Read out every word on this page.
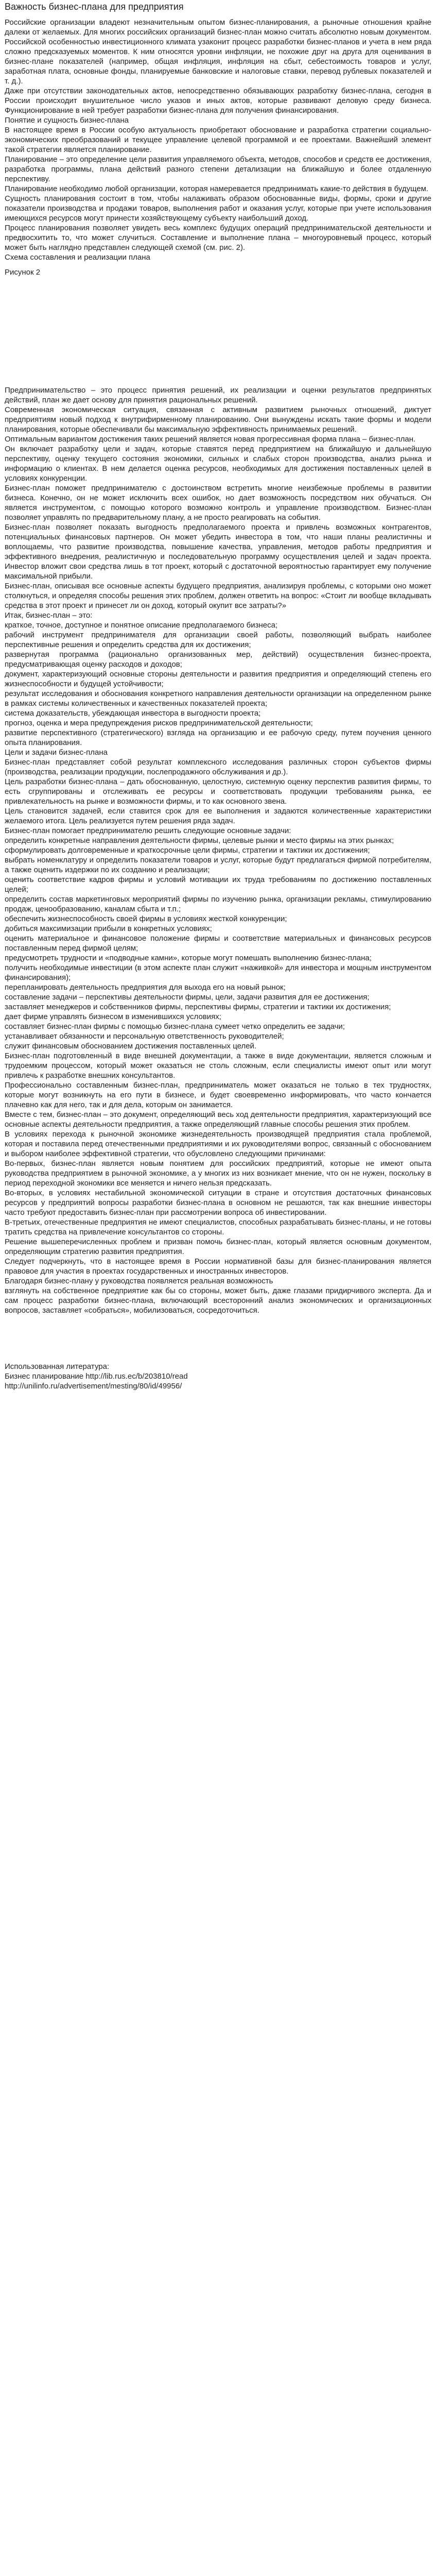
Важность бизнес-плана для предприятия

Российские организации владеют незначительным опытом бизнес-планирования, а рыночные отношения крайне далеки от желаемых. Для многих российских организаций бизнес-план можно считать абсолютно новым документом. Российской особенностью инвестиционного климата узаконит процесс разработки бизнес-планов и учета в нем ряда сложно предсказуемых моментов. К ним относятся уровни инфляции, не похожие друг на друга для оценивания в бизнес-плане показателей (например, общая инфляция, инфляция на сбыт, себестоимость товаров и услуг, заработная плата, основные фонды, планируемые банковские и налоговые ставки, перевод рублевых показателей и т. д.).

Даже при отсутствии законодательных актов, непосредственно обязывающих разработку бизнес-плана, сегодня в России происходит внушительное число указов и иных актов, которые развивают деловую среду бизнеса. Функционирование в ней требует разработки бизнес-плана для получения финансирования.

Понятие и сущность бизнес-плана

В настоящее время в России особую актуальность приобретают обоснование и разработка стратегии социально-экономических преобразований и текущее управление целевой программой и ее проектами. Важнейший элемент такой стратегии является планирование.

Планирование – это определение цели развития управляемого объекта, методов, способов и средств ее достижения, разработка программы, плана действий разного степени детализации на ближайшую и более отдаленную перспективу.

Планирование необходимо любой организации, которая намеревается предпринимать какие-то действия в будущем.

Сущность планирования состоит в том, чтобы налаживать образом обоснованные виды, формы, сроки и другие показатели производства и продажи товаров, выполнения работ и оказания услуг, которые при учете использования имеющихся ресурсов могут принести хозяйствующему субъекту наибольший доход.

Процесс планирования позволяет увидеть весь комплекс будущих операций предпринимательской деятельности и предвосхитить то, что может случиться. Составление и выполнение плана – многоуровневый процесс, который может быть наглядно представлен следующей схемой (см. рис. 2).

Схема составления и реализации плана

Рисунок 2

Предпринимательство – это процесс принятия решений, их реализации и оценки результатов предпринятых действий, план же дает основу для принятия рациональных решений.

Современная экономическая ситуация, связанная с активным развитием рыночных отношений, диктует предприятиям новый подход к внутрифирменному планированию. Они вынуждены искать такие формы и модели планирования, которые обеспечивали бы максимальную эффективность принимаемых решений.

Оптимальным вариантом достижения таких решений является новая прогрессивная форма плана – бизнес-план.

Он включает разработку цели и задач, которые ставятся перед предприятием на ближайшую и дальнейшую перспективу, оценку текущего состояния экономики, сильных и слабых сторон производства, анализ рынка и информацию о клиентах. В нем делается оценка ресурсов, необходимых для достижения поставленных целей в условиях конкуренции.

Бизнес-план поможет предпринимателю с достоинством встретить многие неизбежные проблемы в развитии бизнеса. Конечно, он не может исключить всех ошибок, но дает возможность посредством них обучаться. Он является инструментом, с помощью которого возможно контроль и управление производством. Бизнес-план позволяет управлять по предварительному плану, а не просто реагировать на события.

Бизнес-план позволяет показать выгодность предполагаемого проекта и привлечь возможных контрагентов, потенциальных финансовых партнеров. Он может убедить инвестора в том, что наши планы реалистичны и воплощаемы, что развитие производства, повышение качества, управления, методов работы предприятия и эффективного внедрения, реалистичную и последовательную программу осуществления целей и задач проекта. Инвестор вложит свои средства лишь в тот проект, который с достаточной вероятностью гарантирует ему получение максимальной прибыли.

Бизнес-план, описывая все основные аспекты будущего предприятия, анализируя проблемы, с которыми оно может столкнуться, и определяя способы решения этих проблем, должен ответить на вопрос: «Стоит ли вообще вкладывать средства в этот проект и принесет ли он доход, который окупит все затраты?»

Итак, бизнес-план – это:

краткое, точное, доступное и понятное описание предполагаемого бизнеса;

рабочий инструмент предпринимателя для организации своей работы, позволяющий выбрать наиболее перспективные решения и определить средства для их достижения;

развернутая программа (рационально организованных мер, действий) осуществления бизнес-проекта, предусматривающая оценку расходов и доходов;

документ, характеризующий основные стороны деятельности и развития предприятия и определяющий степень его жизнеспособности и будущей устойчивости;

результат исследования и обоснования конкретного направления деятельности организации на определенном рынке в рамках системы количественных и качественных показателей проекта;

система доказательств, убеждающая инвестора в выгодности проекта;

прогноз, оценка и мера предупреждения рисков предпринимательской деятельности;

развитие перспективного (стратегического) взгляда на организацию и ее рабочую среду, путем поучения ценного опыта планирования.

Цели и задачи бизнес-плана

Бизнес-план представляет собой результат комплексного исследования различных сторон субъектов фирмы (производства, реализации продукции, послепродажного обслуживания и др.).

Цель разработки бизнес-плана – дать обоснованную, целостную, системную оценку перспектив развития фирмы, то есть сгруппированы и отслеживать ее ресурсы и соответствовать продукции требованиям рынка, ее привлекательность на рынке и возможности фирмы, и то как основного звена.

Цель становится задачей, если ставится срок для ее выполнения и задаются количественные характеристики желаемого итога. Цель реализуется путем решения ряда задач.

Бизнес-план помогает предпринимателю решить следующие основные задачи:

определить конкретные направления деятельности фирмы, целевые рынки и место фирмы на этих рынках;

сформулировать долговременные и краткосрочные цели фирмы, стратегии и тактики их достижения;

выбрать номенклатуру и определить показатели товаров и услуг, которые будут предлагаться фирмой потребителям, а также оценить издержки по их созданию и реализации;

оценить соответствие кадров фирмы и условий мотивации их труда требованиям по достижению поставленных целей;

определить состав маркетинговых мероприятий фирмы по изучению рынка, организации рекламы, стимулированию продаж, ценообразованию, каналам сбыта и т.п.;

обеспечить жизнеспособность своей фирмы в условиях жесткой конкуренции;

добиться максимизации прибыли в конкретных условиях;

оценить материальное и финансовое положение фирмы и соответствие материальных и финансовых ресурсов поставленным перед фирмой целям;

предусмотреть трудности и «подводные камни», которые могут помешать выполнению бизнес-плана;

получить необходимые инвестиции (в этом аспекте план служит «наживкой» для инвестора и мощным инструментом финансирования);

перепланировать деятельность предприятия для выхода его на новый рынок;

составление задачи – перспективы деятельности фирмы, цели, задачи развития для ее достижения;

заставляет менеджеров и собственников фирмы, перспективы фирмы, стратегии и тактики их достижения;

дает фирме управлять бизнесом в изменившихся условиях;

составляет бизнес-план фирмы с помощью бизнес-плана сумеет четко определить ее задачи;

устанавливает обязанности и персональную ответственность руководителей;

служит финансовым обоснованием достижения поставленных целей.

Бизнес-план подготовленный в виде внешней документации, а также в виде документации, является сложным и трудоемким процессом, который может оказаться не столь сложным, если специалисты имеют опыт или могут привлечь к разработке внешних консультантов.

Профессионально составленным бизнес-план, предприниматель может оказаться не только в тех трудностях, которые могут возникнуть на его пути в бизнесе, и будет своевременно информировать, что часто кончается плачевно как для него, так и для дела, которым он занимается.

Вместе с тем, бизнес-план – это документ, определяющий весь ход деятельности предприятия, характеризующий все основные аспекты деятельности предприятия, а также определяющий главные способы решения этих проблем.

В условиях перехода к рыночной экономике жизнедеятельность производящей предприятия стала проблемой, которая и поставила перед отечественными предприятиями и их руководителями вопрос, связанный с обоснованием и выбором наиболее эффективной стратегии, что обусловлено следующими причинами:

Во-первых, бизнес-план является новым понятием для российских предприятий, которые не имеют опыта руководства предприятием в рыночной экономике, а у многих из них возникает мнение, что он не нужен, поскольку в период переходной экономики все меняется и ничего нельзя предсказать.

Во-вторых, в условиях нестабильной экономической ситуации в стране и отсутствия достаточных финансовых ресурсов у предприятий вопросы разработки бизнес-плана в основном не решаются, так как внешние инвесторы часто требуют предоставить бизнес-план при рассмотрении вопроса об инвестировании.

В-третьих, отечественные предприятия не имеют специалистов, способных разрабатывать бизнес-планы, и не готовы тратить средства на привлечение консультантов со стороны.

Решение вышеперечисленных проблем и призван помочь бизнес-план, который является основным документом, определяющим стратегию развития предприятия.

Следует подчеркнуть, что в настоящее время в России нормативной базы для бизнес-планирования является правовое для участия в проектах государственных и иностранных инвесторов.

Благодаря бизнес-плану у руководства появляется реальная возможность

взглянуть на собственное предприятие как бы со стороны, может быть, даже глазами придирчивого эксперта. Да и сам процесс разработки бизнес-плана, включающий всесторонний анализ экономических и организационных вопросов, заставляет «собраться», мобилизоваться, сосредоточиться.

Использованная литература:

Бизнес планирование http://lib.rus.ec/b/203810/read

http://unilinfo.ru/advertisement/mesting/80/id/49956/
